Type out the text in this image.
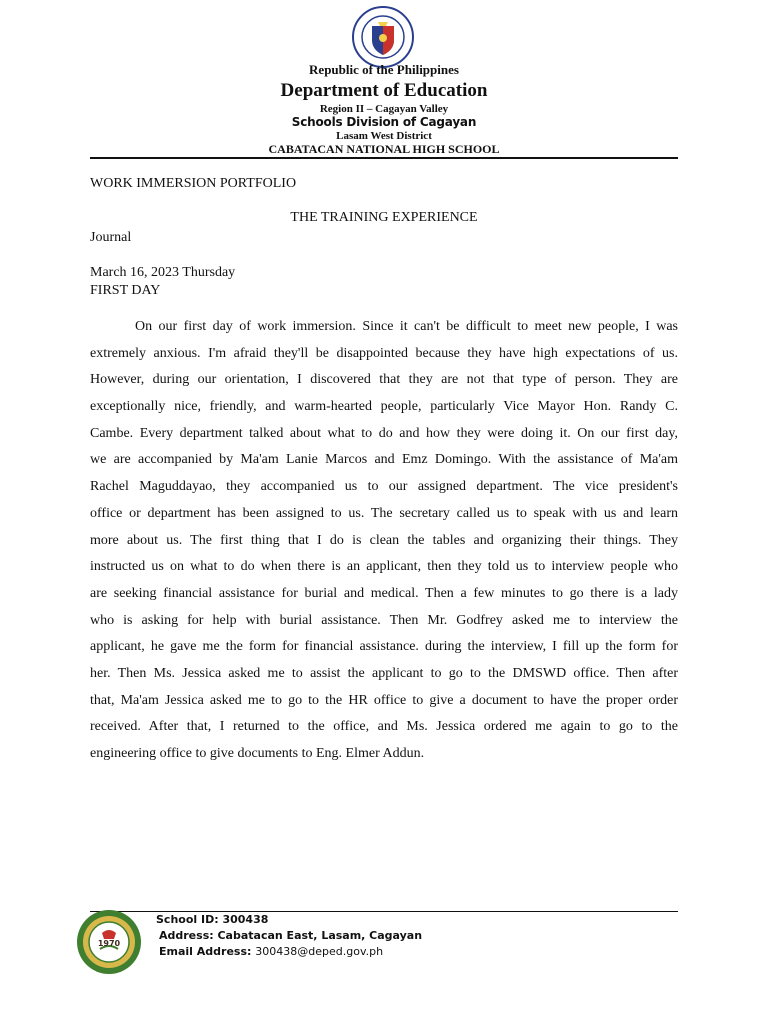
Republic of the Philippines
Department of Education
Region II – Cagayan Valley
Schools Division of Cagayan
Lasam West District
CABATACAN NATIONAL HIGH SCHOOL
WORK IMMERSION PORTFOLIO
THE TRAINING EXPERIENCE
Journal
March 16, 2023 Thursday
FIRST DAY
On our first day of work immersion. Since it can't be difficult to meet new people, I was
extremely anxious. I'm afraid they'll be disappointed because they have high expectations of us.
However, during our orientation, I discovered that they are not that type of person. They are
exceptionally nice, friendly, and warm-hearted people, particularly Vice Mayor Hon. Randy C.
Cambe. Every department talked about what to do and how they were doing it. On our first day,
we are accompanied by Ma'am Lanie Marcos and Emz Domingo. With the assistance of Ma'am
Rachel Maguddayao, they accompanied us to our assigned department. The vice president's
office or department has been assigned to us. The secretary called us to speak with us and learn
more about us. The first thing that I do is clean the tables and organizing their things. They
instructed us on what to do when there is an applicant, then they told us to interview people who
are seeking financial assistance for burial and medical. Then a few minutes to go there is a lady
who is asking for help with burial assistance. Then Mr. Godfrey asked me to interview the
applicant, he gave me the form for financial assistance. during the interview, I fill up the form for
her. Then Ms. Jessica asked me to assist the applicant to go to the DMSWD office. Then after
that, Ma'am Jessica asked me to go to the HR office to give a document to have the proper order
received. After that, I returned to the office, and Ms. Jessica ordered me again to go to the
engineering office to give documents to Eng. Elmer Addun.
1970
School ID: 300438
Address: Cabatacan East, Lasam, Cagayan
Email Address: 300438@deped.gov.ph
